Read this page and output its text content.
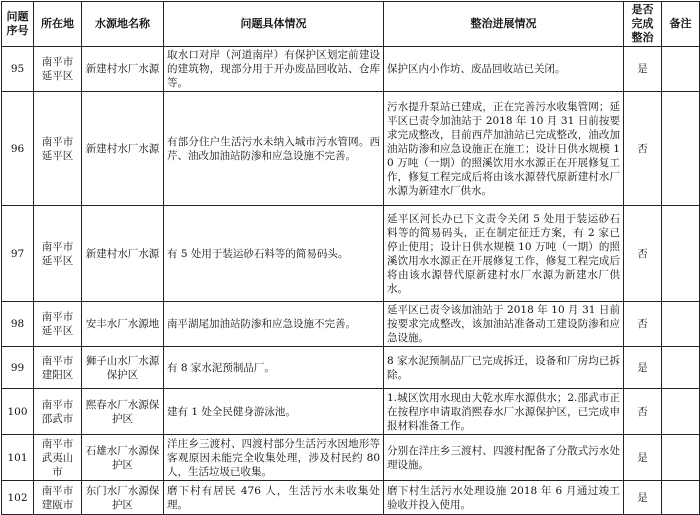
问题序号	所在地	水源地名称	问题具体情况	整治进展情况	是否完成整治	备注
95	南平市延平区	新建村水厂水源	取水口对岸（河道南岸）有保护区划定前建设的建筑物，现部分用于开办废品回收站、仓库等。	保护区内小作坊、废品回收站已关闭。	是	
96	南平市延平区	新建村水厂水源	有部分住户生活污水未纳入城市污水管网。西芹、油改加油站防渗和应急设施不完善。	污水提升泵站已建成，正在完善污水收集管网；延平区已责令加油站于 2018 年 10 月 31 日前按要求完成整改，目前西芹加油站已完成整改，油改加油站防渗和应急设施正在施工；设计日供水规模 10 万吨（一期）的照溪饮用水水源正在开展修复工作，修复工程完成后将由该水源替代原新建村水厂水源为新建水厂供水。	否	
97	南平市延平区	新建村水厂水源	有 5 处用于装运砂石料等的简易码头。	延平区河长办已下文责令关闭 5 处用于装运砂石料等的简易码头，正在制定征迁方案，有 2 家已停止使用；设计日供水规模 10 万吨（一期）的照溪饮用水水源正在开展修复工作，修复工程完成后将由该水源替代原新建村水厂水源为新建水厂供水。	否	
98	南平市延平区	安丰水厂水源地	南平湖尾加油站防渗和应急设施不完善。	延平区已责令该加油站于 2018 年 10 月 31 日前按要求完成整改，该加油站准备动工建设防渗和应急设施。	否	
99	南平市建阳区	狮子山水厂水源保护区	有 8 家水泥预制品厂。	8 家水泥预制品厂已完成拆迁，设备和厂房均已拆除。	是	
100	南平市邵武市	熙春水厂水源保护区	建有 1 处全民健身游泳池。	1.城区饮用水现由大乾水库水源供水；2.邵武市正在按程序申请取消熙春水厂水源保护区，已完成申报材料准备工作。	否	
101	南平市武夷山市	石雄水厂水源保护区	洋庄乡三渡村、四渡村部分生活污水因地形等客观原因未能完全收集处理，涉及村民约 80 人，生活垃圾已收集。	分别在洋庄乡三渡村、四渡村配备了分散式污水处理设施。	是	
102	南平市建瓯市	东门水厂水源保护区	磨下村有居民 476 人，生活污水未收集处理。	磨下村生活污水处理设施 2018 年 6 月通过竣工验收并投入使用。	是	
